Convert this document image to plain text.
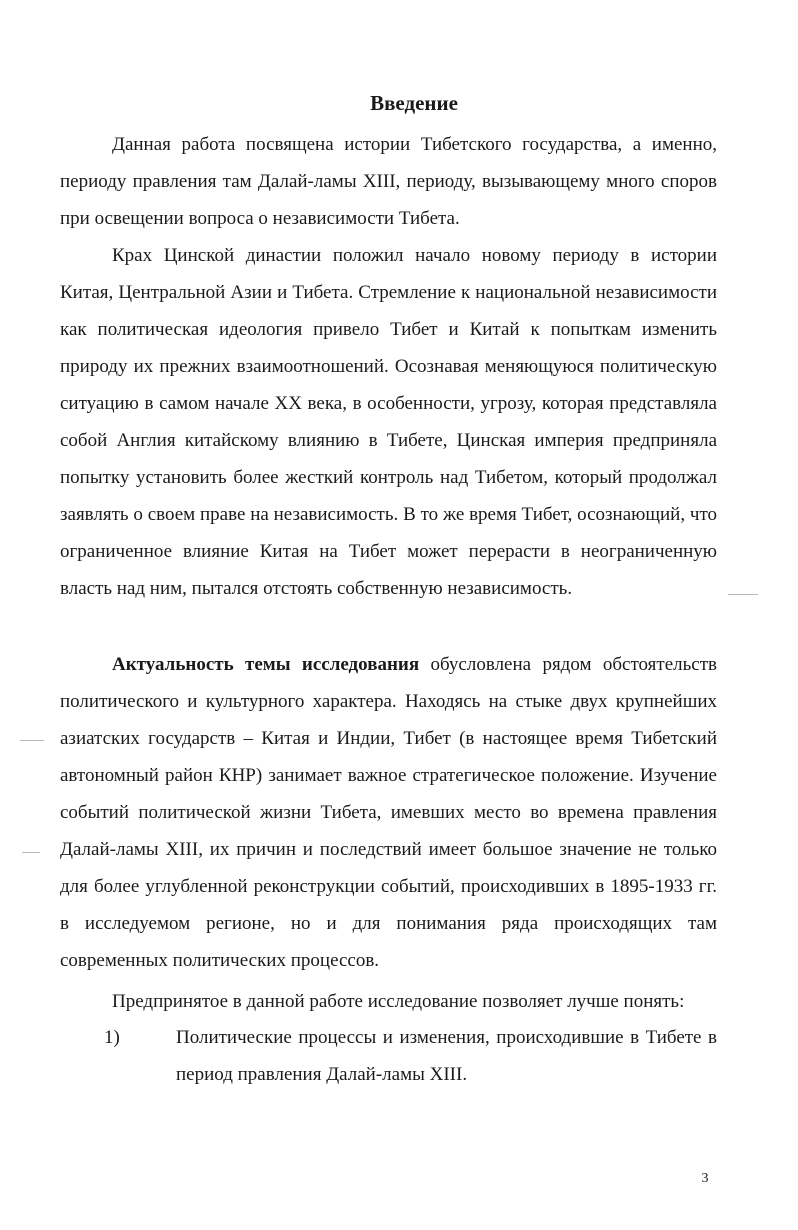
Введение

Данная работа посвящена истории Тибетского государства, а именно, периоду правления там Далай-ламы XIII, периоду, вызывающему много споров при освещении вопроса о независимости Тибета.

Крах Цинской династии положил начало новому периоду в истории Китая, Центральной Азии и Тибета. Стремление к национальной независимости как политическая идеология привело Тибет и Китай к попыткам изменить природу их прежних взаимоотношений. Осознавая меняющуюся политическую ситуацию в самом начале XX века, в особенности, угрозу, которая представляла собой Англия китайскому влиянию в Тибете, Цинская империя предприняла попытку установить более жесткий контроль над Тибетом, который продолжал заявлять о своем праве на независимость. В то же время Тибет, осознающий, что ограниченное влияние Китая на Тибет может перерасти в неограниченную власть над ним, пытался отстоять собственную независимость.

Актуальность темы исследования обусловлена рядом обстоятельств политического и культурного характера. Находясь на стыке двух крупнейших азиатских государств – Китая и Индии, Тибет (в настоящее время Тибетский автономный район КНР) занимает важное стратегическое положение. Изучение событий политической жизни Тибета, имевших место во времена правления Далай-ламы XIII, их причин и последствий имеет большое значение не только для более углубленной реконструкции событий, происходивших в 1895-1933 гг. в исследуемом регионе, но и для понимания ряда происходящих там современных политических процессов.

Предпринятое в данной работе исследование позволяет лучше понять:

1)	Политические процессы и изменения, происходившие в Тибете в период правления Далай-ламы XIII.
3
